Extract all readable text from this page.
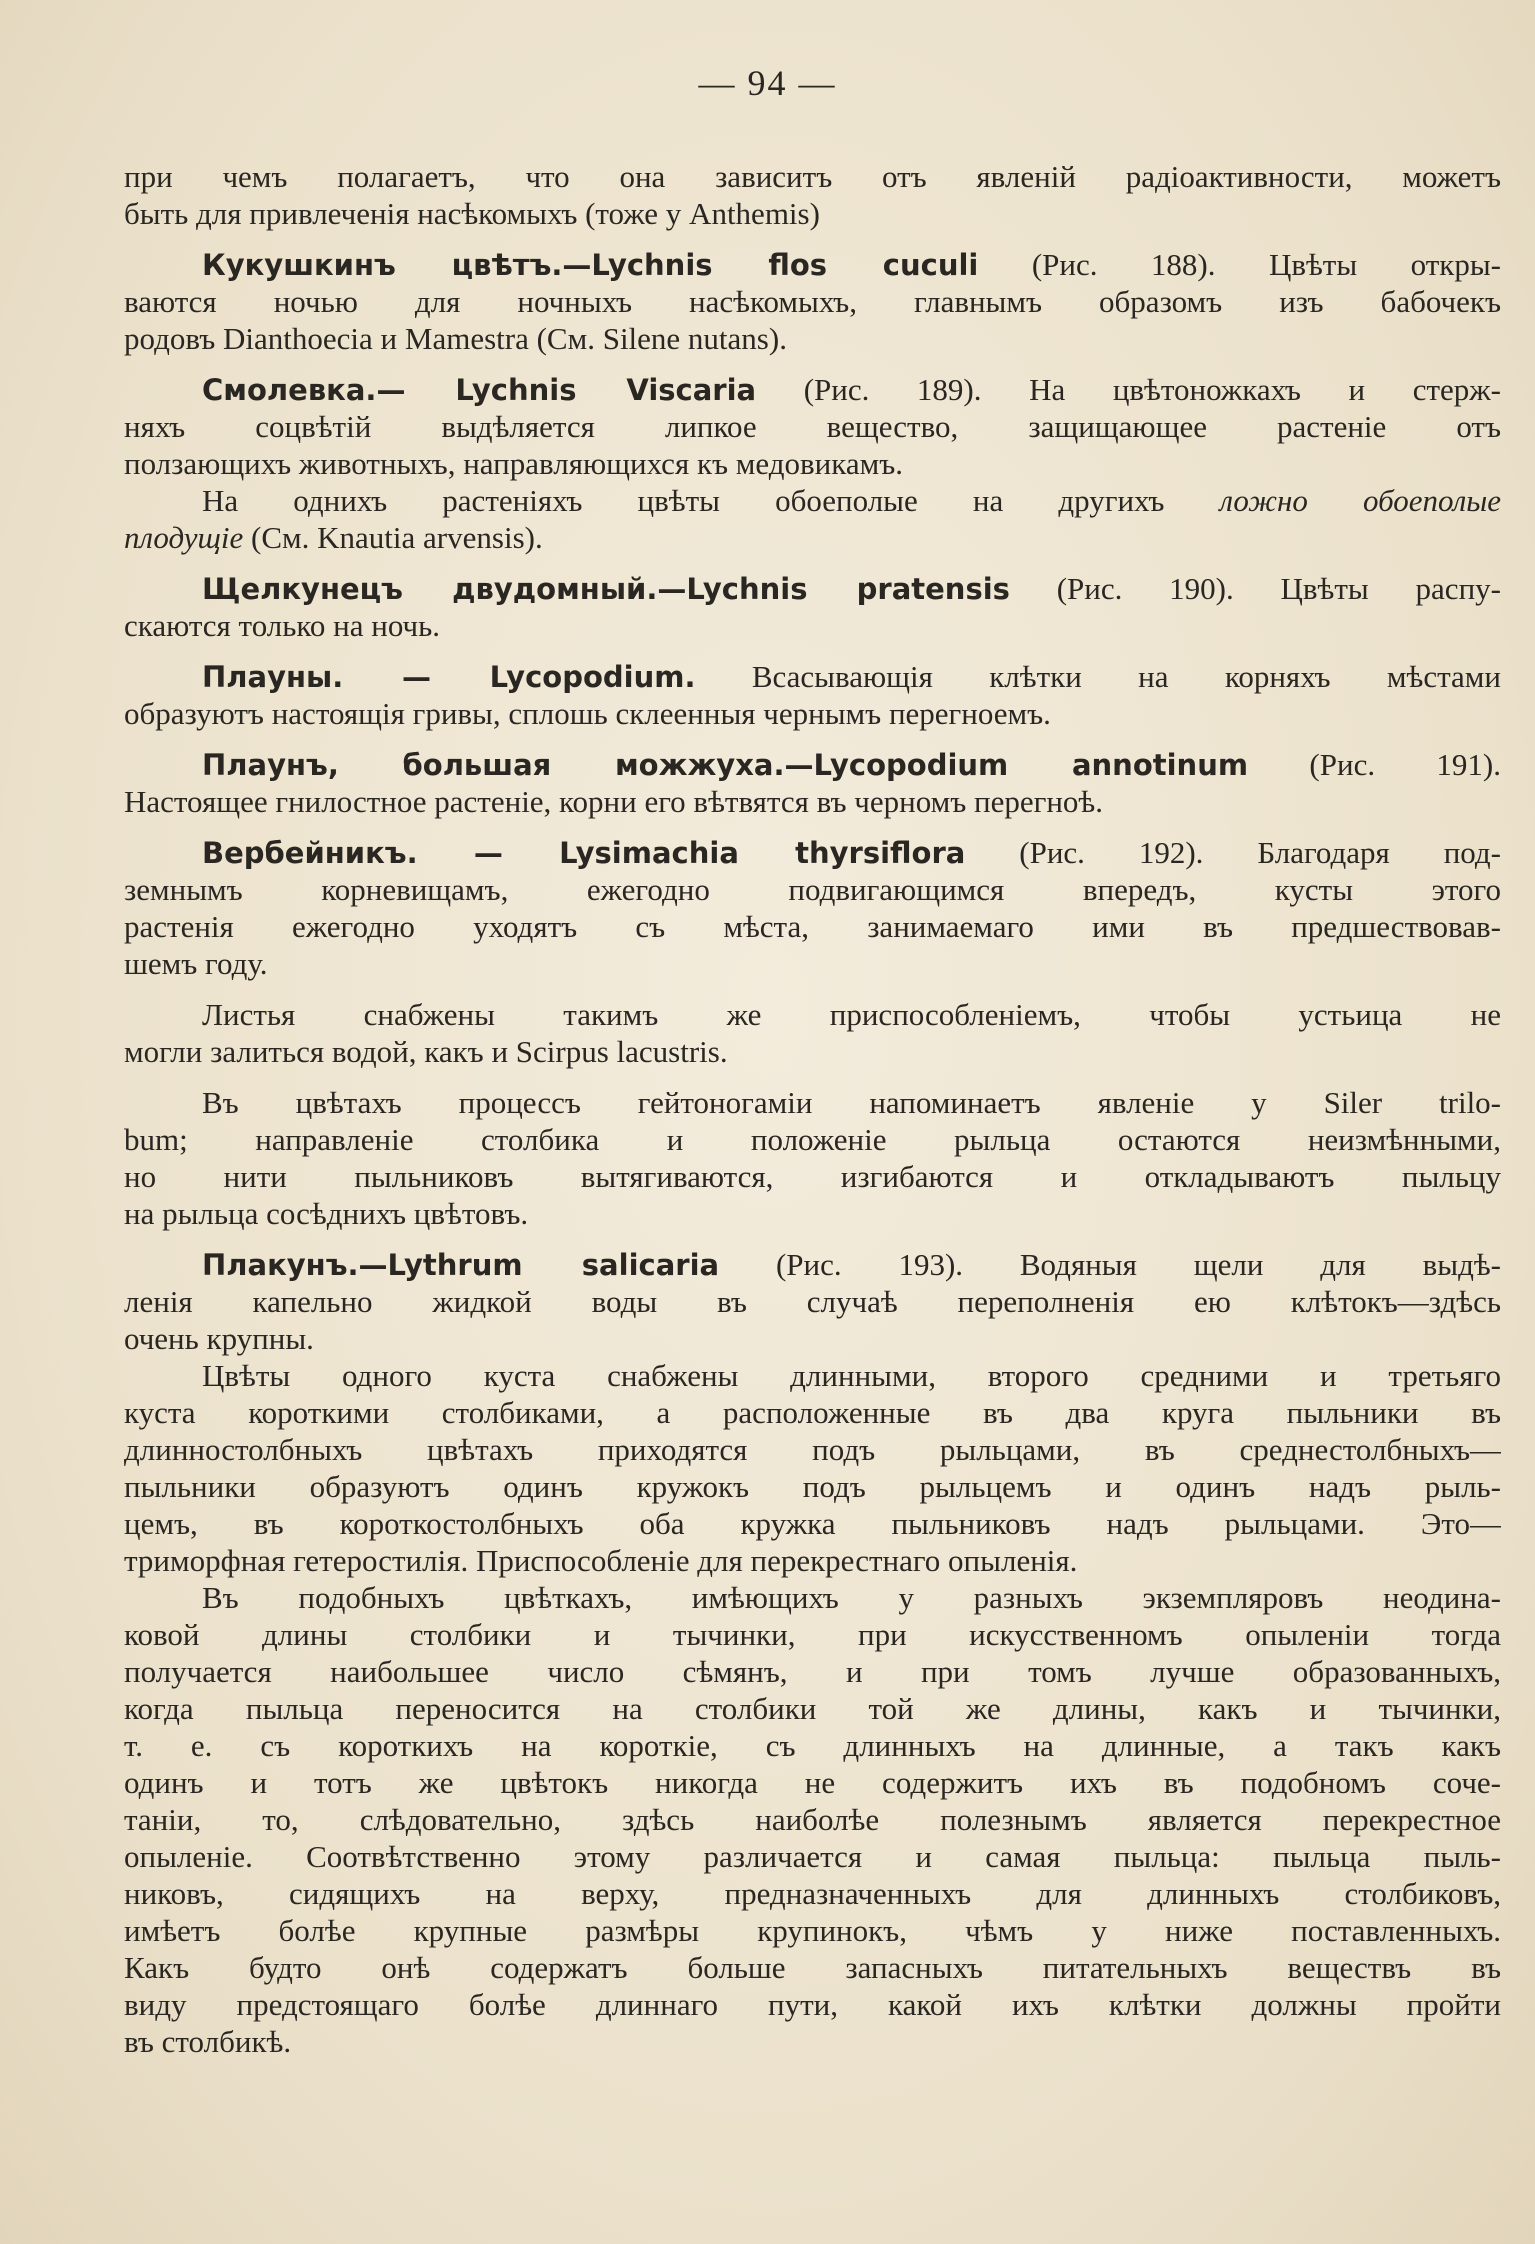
— 94 —
при чемъ полагаетъ, что она зависитъ отъ явленій радіоактивности, можетъ
быть для привлеченія насѣкомыхъ (тоже у Anthemis)
Кукушкинъ цвѣтъ.—Lychnis flos cuculi (Рис. 188). Цвѣты откры-
ваются ночью для ночныхъ насѣкомыхъ, главнымъ образомъ изъ бабочекъ
родовъ Dianthoecia и Mamestra (См. Silene nutans).
Смолевка.— Lychnis Viscaria (Рис. 189). На цвѣтоножкахъ и стерж-
няхъ соцвѣтій выдѣляется липкое вещество, защищающее растеніе отъ
ползающихъ животныхъ, направляющихся къ медовикамъ.
На однихъ растеніяхъ цвѣты обоеполые на другихъ ложно обоеполые
плодущіе (См. Knautia arvensis).
Щелкунецъ двудомный.—Lychnis pratensis (Рис. 190). Цвѣты распу-
скаются только на ночь.
Плауны. — Lycopodium. Всасывающія клѣтки на корняхъ мѣстами
образуютъ настоящія гривы, сплошь склеенныя чернымъ перегноемъ.
Плаунъ, большая можжуха.—Lycopodium annotinum (Рис. 191).
Настоящее гнилостное растеніе, корни его вѣтвятся въ черномъ перегноѣ.
Вербейникъ. — Lysimachia thyrsiflora (Рис. 192). Благодаря под-
земнымъ корневищамъ, ежегодно подвигающимся впередъ, кусты этого
растенія ежегодно уходятъ съ мѣста, занимаемаго ими въ предшествовав-
шемъ году.
Листья снабжены такимъ же приспособленіемъ, чтобы устьица не
могли залиться водой, какъ и Scirpus lacustris.
Въ цвѣтахъ процессъ гейтоногаміи напоминаетъ явленіе у Siler trilo-
bum; направленіе столбика и положеніе рыльца остаются неизмѣнными,
но нити пыльниковъ вытягиваются, изгибаются и откладываютъ пыльцу
на рыльца сосѣднихъ цвѣтовъ.
Плакунъ.—Lythrum salicaria (Рис. 193). Водяныя щели для выдѣ-
ленія капельно жидкой воды въ случаѣ переполненія ею клѣтокъ—здѣсь
очень крупны.
Цвѣты одного куста снабжены длинными, второго средними и третьяго
куста короткими столбиками, а расположенные въ два круга пыльники въ
длинностолбныхъ цвѣтахъ приходятся подъ рыльцами, въ среднестолбныхъ—
пыльники образуютъ одинъ кружокъ подъ рыльцемъ и одинъ надъ рыль-
цемъ, въ короткостолбныхъ оба кружка пыльниковъ надъ рыльцами. Это—
триморфная гетеростилія. Приспособленіе для перекрестнаго опыленія.
Въ подобныхъ цвѣткахъ, имѣющихъ у разныхъ экземпляровъ неодина-
ковой длины столбики и тычинки, при искусственномъ опыленіи тогда
получается наибольшее число сѣмянъ, и при томъ лучше образованныхъ,
когда пыльца переносится на столбики той же длины, какъ и тычинки,
т. е. съ короткихъ на короткіе, съ длинныхъ на длинные, а такъ какъ
одинъ и тотъ же цвѣтокъ никогда не содержитъ ихъ въ подобномъ соче-
таніи, то, слѣдовательно, здѣсь наиболѣе полезнымъ является перекрестное
опыленіе. Соотвѣтственно этому различается и самая пыльца: пыльца пыль-
никовъ, сидящихъ на верху, предназначенныхъ для длинныхъ столбиковъ,
имѣетъ болѣе крупные размѣры крупинокъ, чѣмъ у ниже поставленныхъ.
Какъ будто онѣ содержатъ больше запасныхъ питательныхъ веществъ въ
виду предстоящаго болѣе длиннаго пути, какой ихъ клѣтки должны пройти
въ столбикѣ.
